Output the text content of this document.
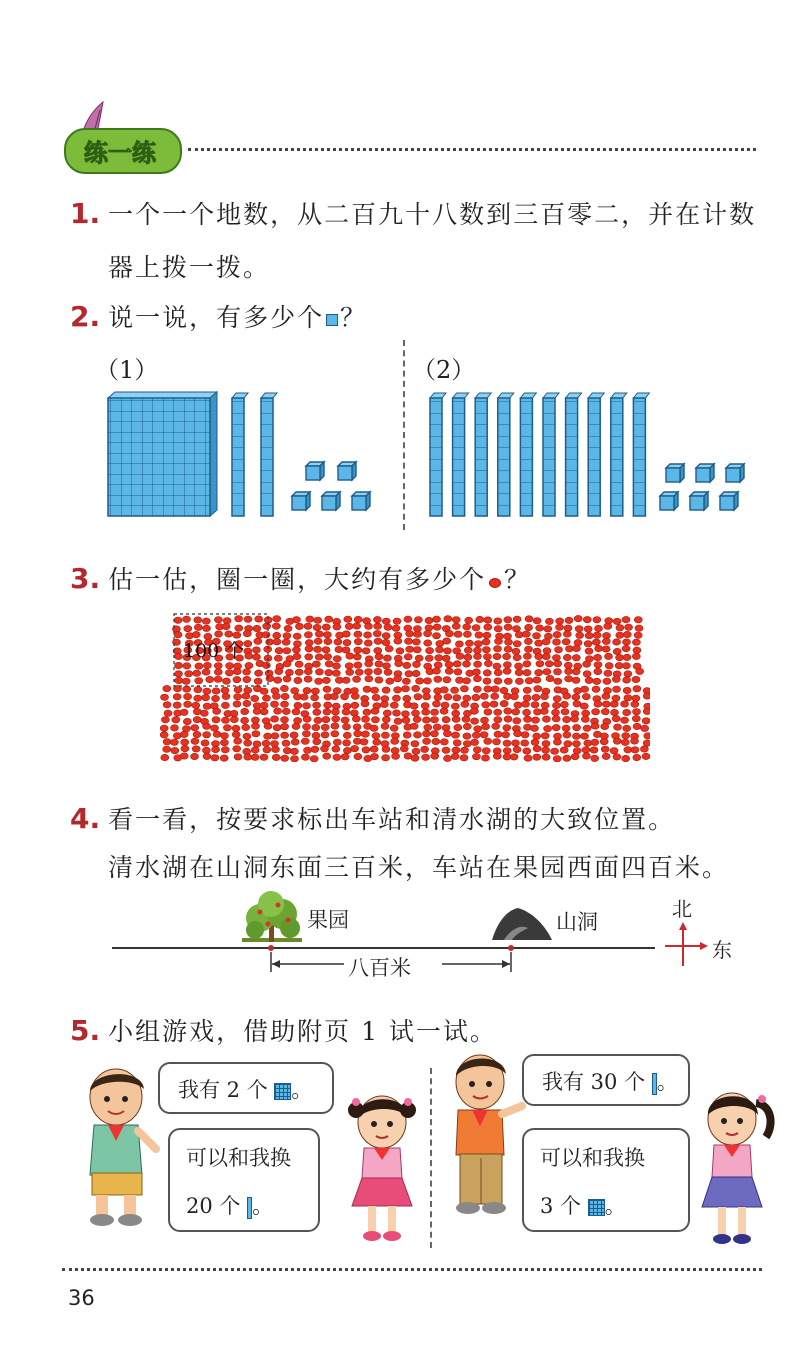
练一练
1. 一个一个地数，从二百九十八数到三百零二，并在计数
器上拨一拨。
2. 说一说，有多少个 ？
（1）	（2）
3. 估一估，圈一圈，大约有多少个 ？
100 个
4. 看一看，按要求标出车站和清水湖的大致位置。
清水湖在山洞东面三百米，车站在果园西面四百米。
果园	山洞
八百米
北
东
5. 小组游戏，借助附页 1 试一试。
我有 2 个 。
可以和我换
20 个 。
我有 30 个 。
可以和我换
3 个 。
36
